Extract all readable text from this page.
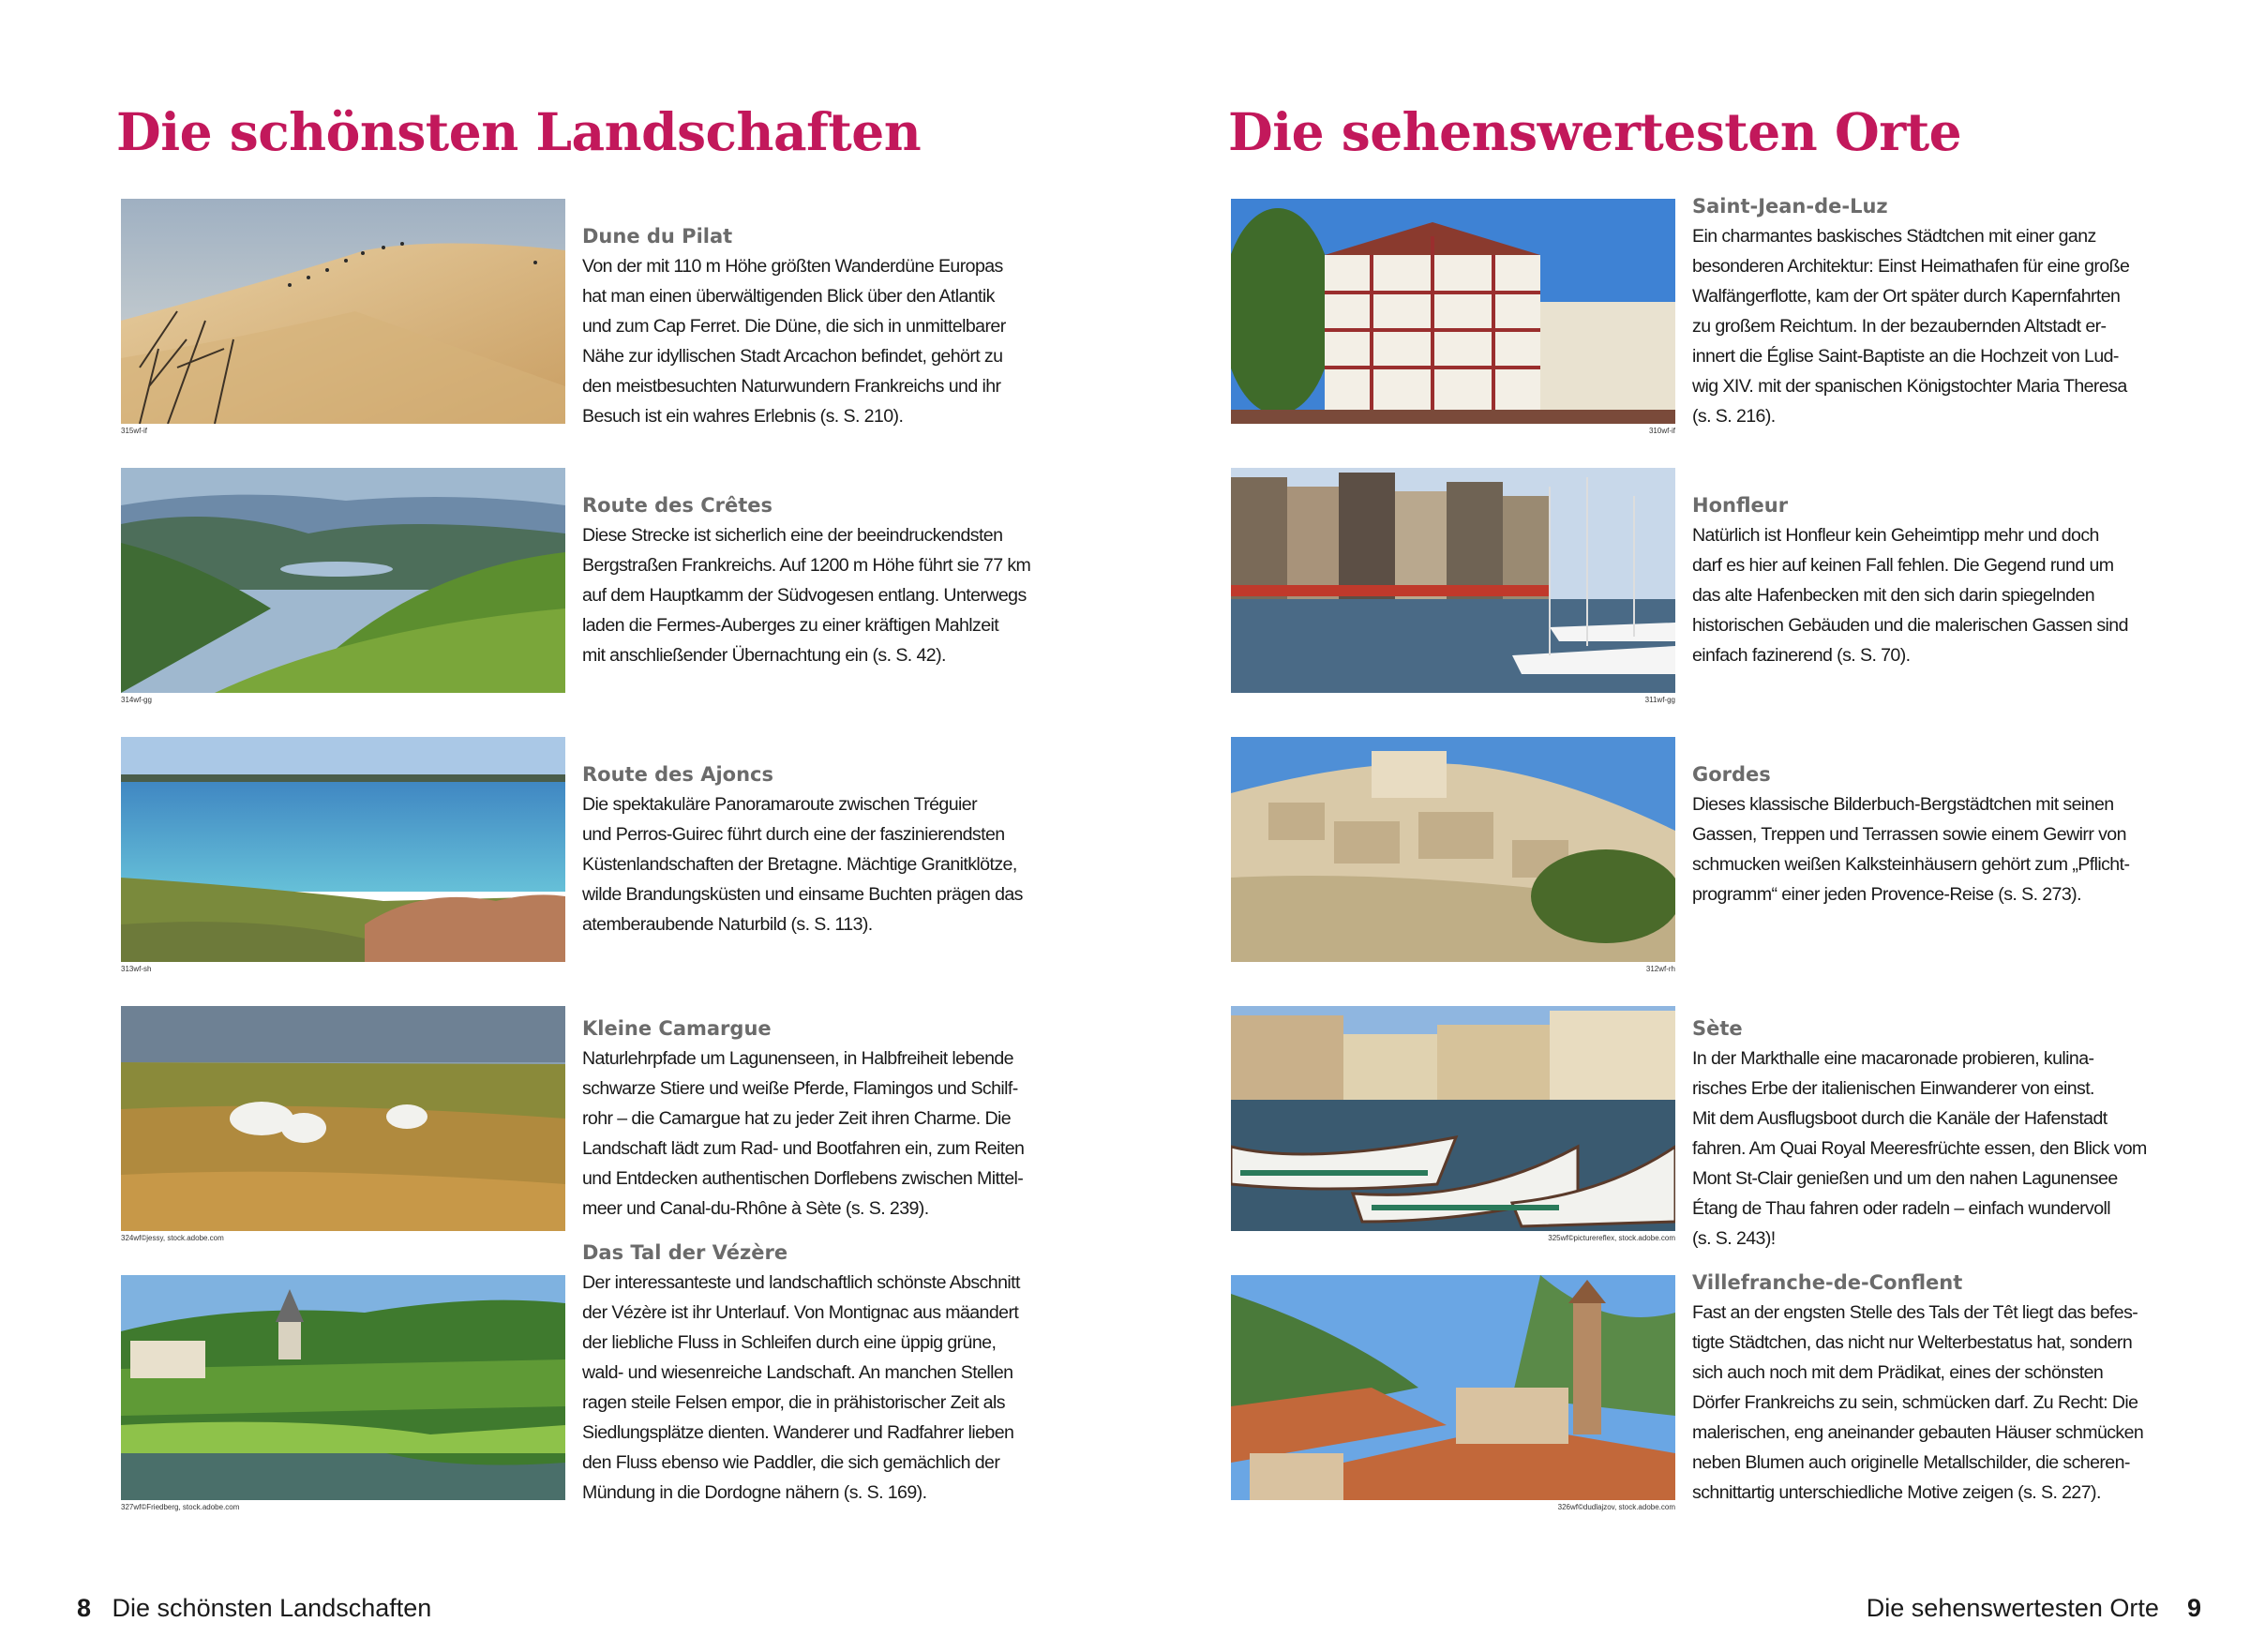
Die schönsten Landschaften
315wf-if
Dune du Pilat
Von der mit 110 m Höhe größten Wanderdüne Europas
hat man einen überwältigenden Blick über den Atlantik
und zum Cap Ferret. Die Düne, die sich in unmittelbarer
Nähe zur idyllischen Stadt Arcachon befindet, gehört zu
den meistbesuchten Naturwundern Frankreichs und ihr
Besuch ist ein wahres Erlebnis (s. S. 210).
314wf-gg
Route des Crêtes
Diese Strecke ist sicherlich eine der beeindruckendsten
Bergstraßen Frankreichs. Auf 1200 m Höhe führt sie 77 km
auf dem Hauptkamm der Südvogesen entlang. Unterwegs
laden die Fermes-Auberges zu einer kräftigen Mahlzeit
mit anschließender Übernachtung ein (s. S. 42).
313wf-sh
Route des Ajoncs
Die spektakuläre Panoramaroute zwischen Tréguier
und Perros-Guirec führt durch eine der faszinierendsten
Küstenlandschaften der Bretagne. Mächtige Granitklötze,
wilde Brandungsküsten und einsame Buchten prägen das
atemberaubende Naturbild (s. S. 113).
324wf©jessy, stock.adobe.com
Kleine Camargue
Naturlehrpfade um Lagunenseen, in Halbfreiheit lebende
schwarze Stiere und weiße Pferde, Flamingos und Schilf-
rohr – die Camargue hat zu jeder Zeit ihren Charme. Die
Landschaft lädt zum Rad- und Bootfahren ein, zum Reiten
und Entdecken authentischen Dorflebens zwischen Mittel-
meer und Canal-du-Rhône à Sète (s. S. 239).
327wf©Friedberg, stock.adobe.com
Das Tal der Vézère
Der interessanteste und landschaftlich schönste Abschnitt
der Vézère ist ihr Unterlauf. Von Montignac aus mäandert
der liebliche Fluss in Schleifen durch eine üppig grüne,
wald- und wiesenreiche Landschaft. An manchen Stellen
ragen steile Felsen empor, die in prähistorischer Zeit als
Siedlungsplätze dienten. Wanderer und Radfahrer lieben
den Fluss ebenso wie Paddler, die sich gemächlich der
Mündung in die Dordogne nähern (s. S. 169).
8 Die schönsten Landschaften
Die sehenswertesten Orte
310wf-if
Saint-Jean-de-Luz
Ein charmantes baskisches Städtchen mit einer ganz
besonderen Architektur: Einst Heimathafen für eine große
Walfängerflotte, kam der Ort später durch Kapernfahrten
zu großem Reichtum. In der bezaubernden Altstadt er-
innert die Église Saint-Baptiste an die Hochzeit von Lud-
wig XIV. mit der spanischen Königstochter Maria Theresa
(s. S. 216).
311wf-gg
Honfleur
Natürlich ist Honfleur kein Geheimtipp mehr und doch
darf es hier auf keinen Fall fehlen. Die Gegend rund um
das alte Hafenbecken mit den sich darin spiegelnden
historischen Gebäuden und die malerischen Gassen sind
einfach fazinerend (s. S. 70).
312wf-rh
Gordes
Dieses klassische Bilderbuch-Bergstädtchen mit seinen
Gassen, Treppen und Terrassen sowie einem Gewirr von
schmucken weißen Kalksteinhäusern gehört zum „Pflicht-
programm“ einer jeden Provence-Reise (s. S. 273).
325wf©picturereflex, stock.adobe.com
Sète
In der Markthalle eine macaronade probieren, kulina-
risches Erbe der italienischen Einwanderer von einst.
Mit dem Ausflugsboot durch die Kanäle der Hafenstadt
fahren. Am Quai Royal Meeresfrüchte essen, den Blick vom
Mont St-Clair genießen und um den nahen Lagunensee
Étang de Thau fahren oder radeln – einfach wundervoll
(s. S. 243)!
326wf©dudlajzov, stock.adobe.com
Villefranche-de-Conflent
Fast an der engsten Stelle des Tals der Têt liegt das befes-
tigte Städtchen, das nicht nur Welterbestatus hat, sondern
sich auch noch mit dem Prädikat, eines der schönsten
Dörfer Frankreichs zu sein, schmücken darf. Zu Recht: Die
malerischen, eng aneinander gebauten Häuser schmücken
neben Blumen auch originelle Metallschilder, die scheren-
schnittartig unterschiedliche Motive zeigen (s. S. 227).
Die sehenswertesten Orte 9
